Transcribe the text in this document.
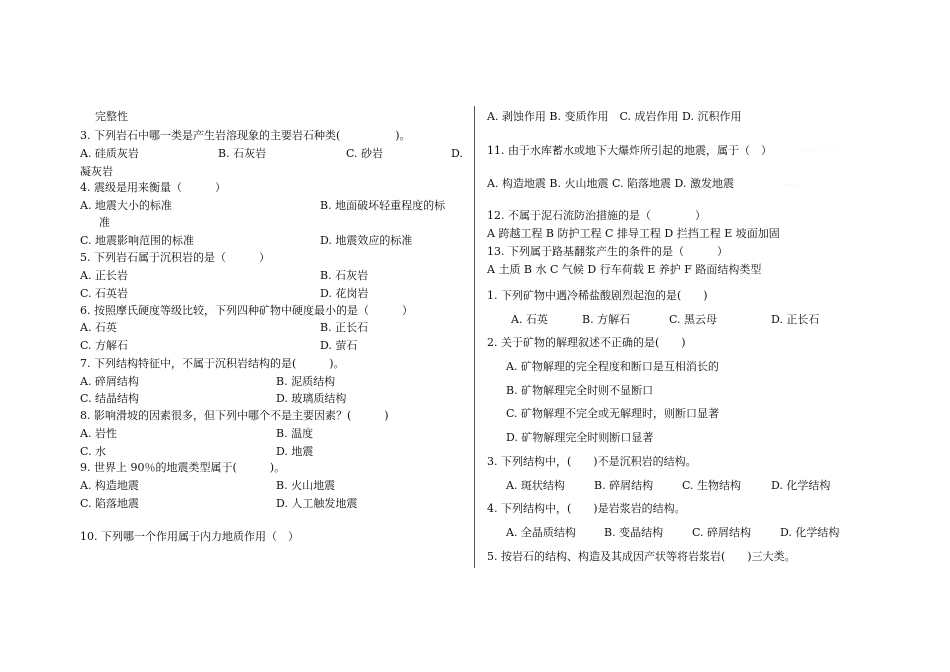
· · · · · ·
· · · · · · · ·
完整性
3. 下列岩石中哪一类是产生岩溶现象的主要岩石种类(　　　　　)。
A. 硅质灰岩	B. 石灰岩	C. 砂岩	D.
凝灰岩
4. 震级是用来衡量（　　　）
A. 地震大小的标准	B. 地面破坏轻重程度的标
准
C. 地震影响范围的标准	D. 地震效应的标准
5. 下列岩石属于沉积岩的是（　　　）
A. 正长岩	B. 石灰岩
C. 石英岩	D. 花岗岩
6. 按照摩氏硬度等级比较，下列四种矿物中硬度最小的是（　　　）
A. 石英	B. 正长石
C. 方解石	D. 萤石
7. 下列结构特征中，不属于沉积岩结构的是(　　　)。
A. 碎屑结构	B. 泥质结构
C. 结晶结构	D. 玻璃质结构
8. 影响滑坡的因素很多，但下列中哪个不是主要因素？(　　　)
A. 岩性	B. 温度
C. 水	D. 地震
9. 世界上 90％的地震类型属于(　　　)。
A. 构造地震	B. 火山地震
C. 陷落地震	D. 人工触发地震
10. 下列哪一个作用属于内力地质作用（　）
A. 剥蚀作用 B. 变质作用　C. 成岩作用 D. 沉积作用
11. 由于水库蓄水或地下大爆炸所引起的地震，属于（　）
A. 构造地震 B. 火山地震 C. 陷落地震 D. 激发地震
12. 不属于泥石流防治措施的是（　　　　）
A 跨越工程 B 防护工程 C 排导工程 D 拦挡工程 E 坡面加固
13. 下列属于路基翻浆产生的条件的是（　　　）
A 土质 B 水 C 气候 D 行车荷载 E 养护 F 路面结构类型
1. 下列矿物中遇冷稀盐酸剧烈起泡的是(　　)
A. 石英	B. 方解石	C. 黑云母	D. 正长石
2. 关于矿物的解理叙述不正确的是(　　)
A. 矿物解理的完全程度和断口是互相消长的
B. 矿物解理完全时则不显断口
C. 矿物解理不完全或无解理时，则断口显著
D. 矿物解理完全时则断口显著
3. 下列结构中，(　　)不是沉积岩的结构。
A. 斑状结构	B. 碎屑结构	C. 生物结构	D. 化学结构
4. 下列结构中，(　　)是岩浆岩的结构。
A. 全晶质结构	B. 变晶结构	C. 碎屑结构	D. 化学结构
5. 按岩石的结构、构造及其成因产状等将岩浆岩(　　)三大类。
